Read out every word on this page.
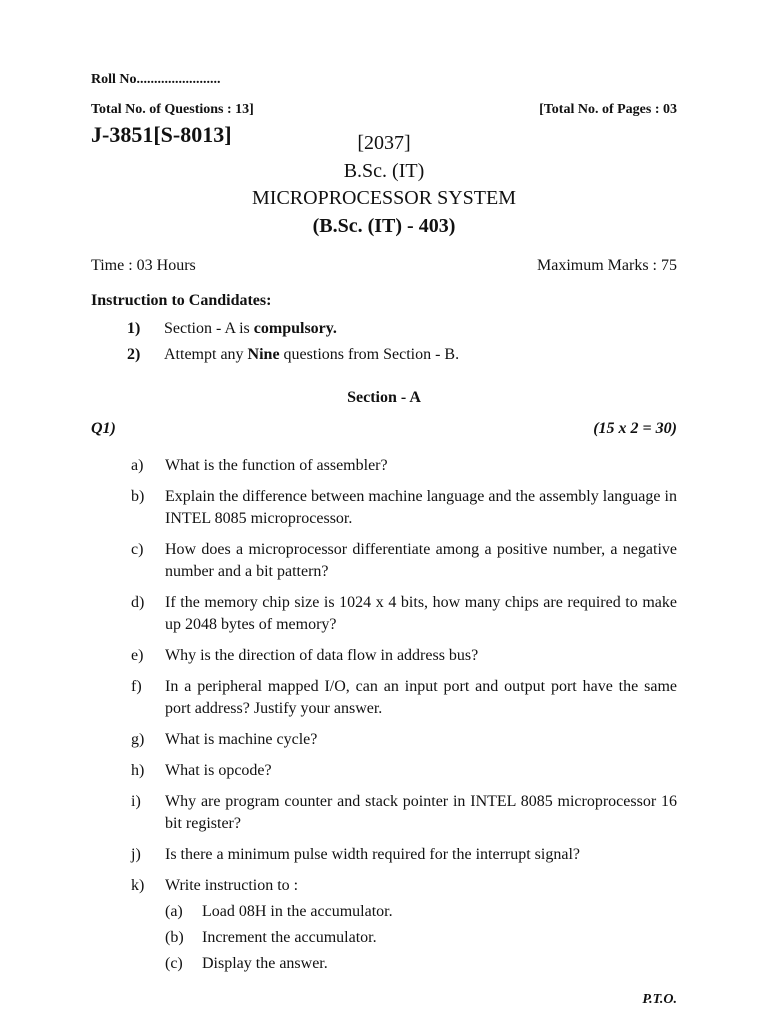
Roll No........................
Total No. of Questions : 13]	[Total No. of Pages : 03
J-3851[S-8013]	[2037]
B.Sc. (IT)
MICROPROCESSOR SYSTEM
(B.Sc. (IT) - 403)
Time : 03 Hours	Maximum Marks : 75
Instruction to Candidates:
1)	Section - A is compulsory.
2)	Attempt any Nine questions from Section - B.
Section - A
Q1)	(15 x 2 = 30)
a)	What is the function of assembler?
b)	Explain the difference between machine language and the assembly language in INTEL 8085 microprocessor.
c)	How does a microprocessor differentiate among a positive number, a negative number and a bit pattern?
d)	If the memory chip size is 1024 x 4 bits, how many chips are required to make up 2048 bytes of memory?
e)	Why is the direction of data flow in address bus?
f)	In a peripheral mapped I/O, can an input port and output port have the same port address? Justify your answer.
g)	What is machine cycle?
h)	What is opcode?
i)	Why are program counter and stack pointer in INTEL 8085 microprocessor 16 bit register?
j)	Is there a minimum pulse width required for the interrupt signal?
k)	Write instruction to :
(a)	Load 08H in the accumulator.
(b)	Increment the accumulator.
(c)	Display the answer.
P.T.O.
